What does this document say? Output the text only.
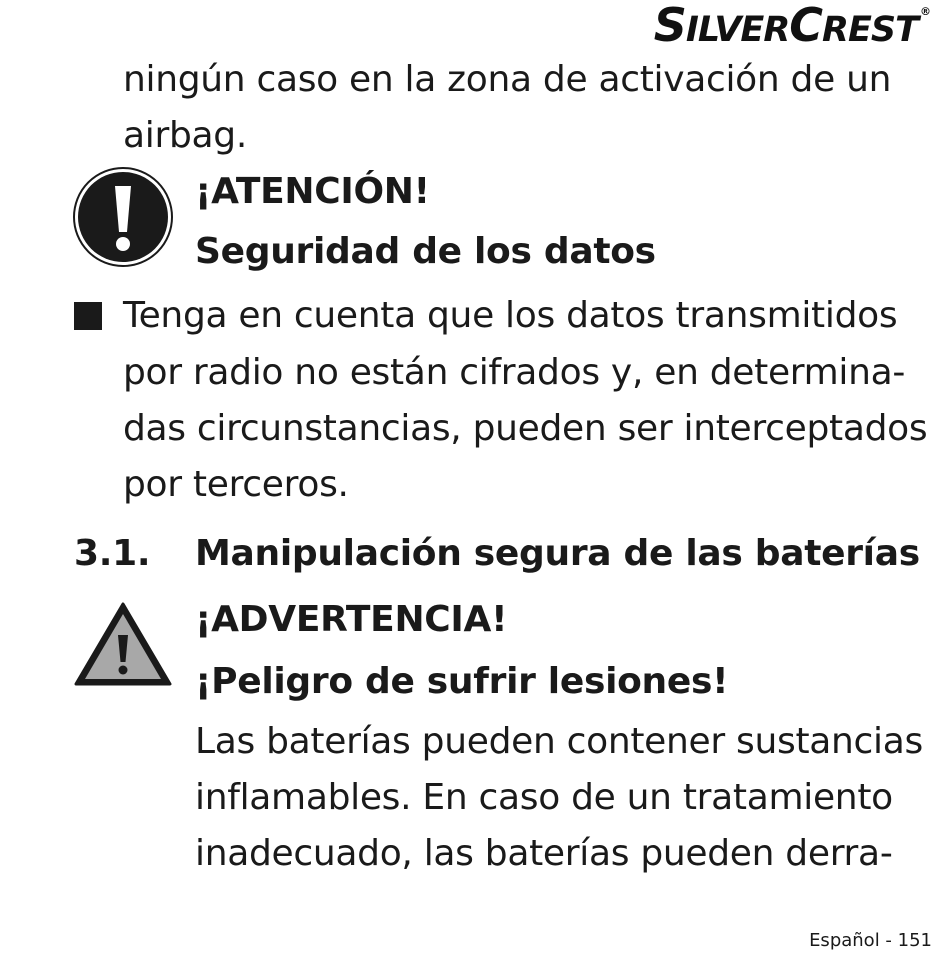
SILVERCREST ®
ningún caso en la zona de activación de un
airbag.
¡ATENCIÓN!
Seguridad de los datos
Tenga en cuenta que los datos transmitidos
por radio no están cifrados y, en determina-
das circunstancias, pueden ser interceptados
por terceros.
3.1. Manipulación segura de las baterías
¡ADVERTENCIA!
¡Peligro de sufrir lesiones!
Las baterías pueden contener sustancias
inflamables. En caso de un tratamiento
inadecuado, las baterías pueden derra-
Español - 151
